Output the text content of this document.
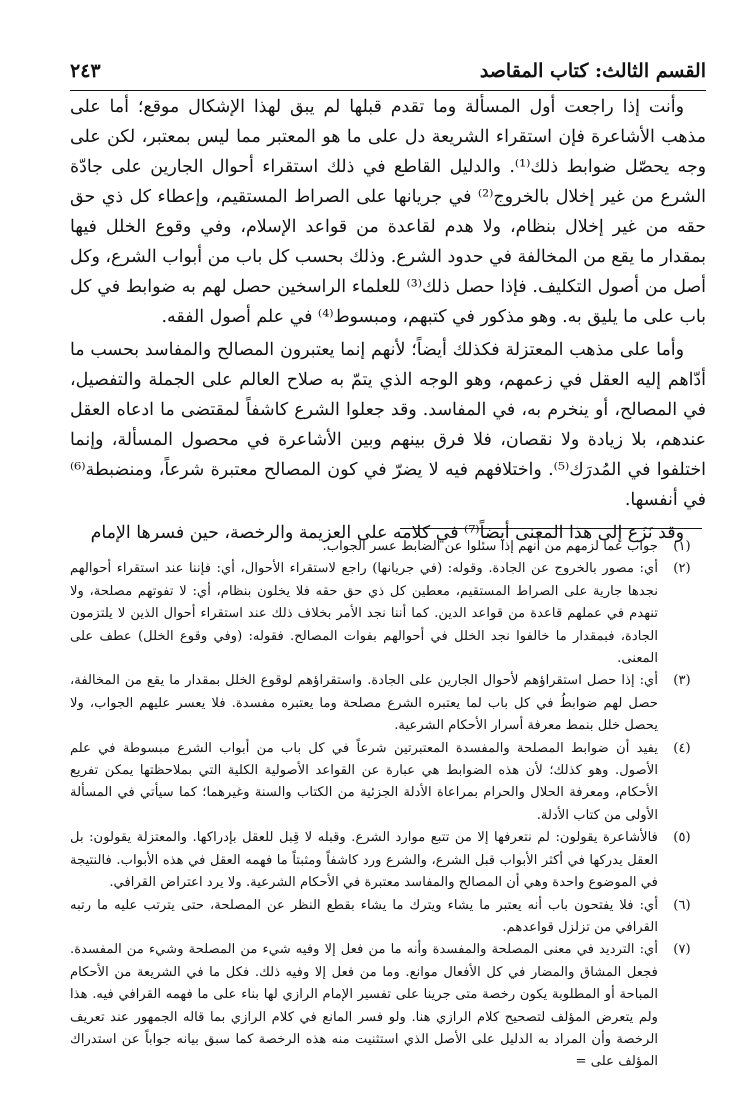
القسم الثالث: كتاب المقاصد
٢٤٣

وأنت إذا راجعت أول المسألة وما تقدم قبلها لم يبق لهذا الإشكال موقع؛ أما على مذهب الأشاعرة فإن استقراء الشريعة دل على ما هو المعتبر مما ليس بمعتبر، لكن على وجه يحصّل ضوابط ذلك⁽¹⁾. والدليل القاطع في ذلك استقراء أحوال الجارين على جادّة الشرع من غير إخلال بالخروج⁽²⁾ في جريانها على الصراط المستقيم، وإعطاء كل ذي حق حقه من غير إخلال بنظام، ولا هدم لقاعدة من قواعد الإسلام، وفي وقوع الخلل فيها بمقدار ما يقع من المخالفة في حدود الشرع. وذلك بحسب كل باب من أبواب الشرع، وكل أصل من أصول التكليف. فإذا حصل ذلك⁽³⁾ للعلماء الراسخين حصل لهم به ضوابط في كل باب على ما يليق به. وهو مذكور في كتبهم، ومبسوط⁽⁴⁾ في علم أصول الفقه.

وأما على مذهب المعتزلة فكذلك أيضاً؛ لأنهم إنما يعتبرون المصالح والمفاسد بحسب ما أدّاهم إليه العقل في زعمهم، وهو الوجه الذي يتمّ به صلاح العالم على الجملة والتفصيل، في المصالح، أو ينخرم به، في المفاسد. وقد جعلوا الشرع كاشفاً لمقتضى ما ادعاه العقل عندهم، بلا زيادة ولا نقصان، فلا فرق بينهم وبين الأشاعرة في محصول المسألة، وإنما اختلفوا في المُدرَك⁽⁵⁾. واختلافهم فيه لا يضرّ في كون المصالح معتبرة شرعاً، ومنضبطة⁽⁶⁾ في أنفسها.

وقد نَزَع إلى هذا المعنى أيضاً⁽⁷⁾ في كلامه على العزيمة والرخصة، حين فسرها الإمام

(١)
جواب عما لزمهم من أنهم إذا سئلوا عن الضابط عسر الجواب.
(٢)
أي: مصور بالخروج عن الجادة. وقوله: (في جريانها) راجع لاستقراء الأحوال، أي: فإننا عند استقراء أحوالهم نجدها جارية على الصراط المستقيم، معطين كل ذي حق حقه فلا يخلون بنظام، أي: لا تفوتهم مصلحة، ولا تنهدم في عملهم قاعدة من قواعد الدين. كما أننا نجد الأمر بخلاف ذلك عند استقراء أحوال الذين لا يلتزمون الجادة، فبمقدار ما خالفوا نجد الخلل في أحوالهم بفوات المصالح. فقوله: (وفي وقوع الخلل) عطف على المعنى.
(٣)
أي: إذا حصل استقراؤهم لأحوال الجارين على الجادة. واستقراؤهم لوقوع الخلل بمقدار ما يقع من المخالفة، حصل لهم ضوابطُ في كل باب لما يعتبره الشرع مصلحة وما يعتبره مفسدة. فلا يعسر عليهم الجواب، ولا يحصل خلل بنمط معرفة أسرار الأحكام الشرعية.
(٤)
يفيد أن ضوابط المصلحة والمفسدة المعتبرتين شرعاً في كل باب من أبواب الشرع مبسوطة في علم الأصول. وهو كذلك؛ لأن هذه الضوابط هي عبارة عن القواعد الأصولية الكلية التي بملاحظتها يمكن تفريع الأحكام، ومعرفة الحلال والحرام بمراعاة الأدلة الجزئية من الكتاب والسنة وغيرهما؛ كما سيأتي في المسألة الأولى من كتاب الأدلة.
(٥)
فالأشاعرة يقولون: لم نتعرفها إلا من تتبع موارد الشرع. وقبله لا قِبل للعقل بإدراكها. والمعتزلة يقولون: بل العقل يدركها في أكثر الأبواب قبل الشرع، والشرع ورد كاشفاً ومثبتاً ما فهمه العقل في هذه الأبواب. فالنتيجة في الموضوع واحدة وهي أن المصالح والمفاسد معتبرة في الأحكام الشرعية. ولا يرد اعتراض القرافي.
(٦)
أي: فلا يفتحون باب أنه يعتبر ما يشاء ويترك ما يشاء بقطع النظر عن المصلحة، حتى يترتب عليه ما رتبه القرافي من تزلزل قواعدهم.
(٧)
أي: الترديد في معنى المصلحة والمفسدة وأنه ما من فعل إلا وفيه شيء من المصلحة وشيء من المفسدة. فجعل المشاق والمضار في كل الأفعال موانع. وما من فعل إلا وفيه ذلك. فكل ما في الشريعة من الأحكام المباحة أو المطلوبة يكون رخصة متى جرينا على تفسير الإمام الرازي لها بناء على ما فهمه القرافي فيه. هذا ولم يتعرض المؤلف لتصحيح كلام الرازي هنا. ولو فسر المانع في كلام الرازي بما قاله الجمهور عند تعريف الرخصة وأن المراد به الدليل على الأصل الذي استثنيت منه هذه الرخصة كما سبق بيانه جواباً عن استدراك المؤلف على =
